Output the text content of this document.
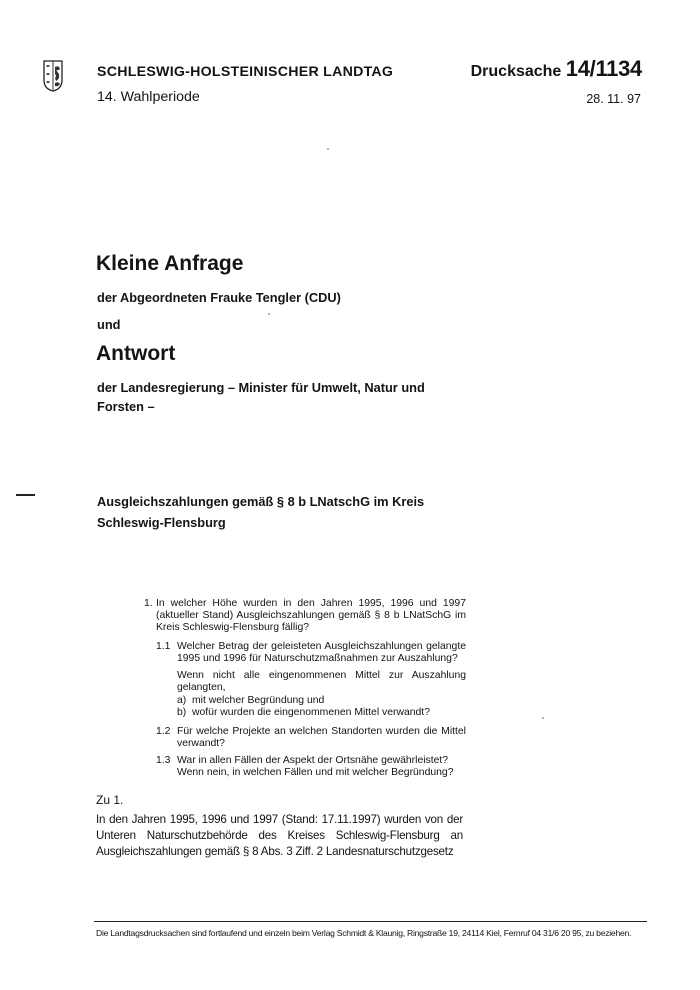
SCHLESWIG-HOLSTEINISCHER LANDTAG
14. Wahlperiode
Drucksache 14/1134
28. 11. 97
Kleine Anfrage
der Abgeordneten Frauke Tengler (CDU)
und
Antwort
der Landesregierung – Minister für Umwelt, Natur und
Forsten –
Ausgleichszahlungen gemäß § 8 b LNatschG im Kreis
Schleswig-Flensburg
1. In welcher Höhe wurden in den Jahren 1995, 1996 und 1997 (aktueller Stand) Ausgleichszahlungen gemäß § 8 b LNatSchG im Kreis Schleswig-Flensburg fällig?
1.1 Welcher Betrag der geleisteten Ausgleichszahlungen gelangte 1995 und 1996 für Naturschutzmaßnahmen zur Auszahlung?
Wenn nicht alle eingenommenen Mittel zur Auszahlung gelangten,
a)  mit welcher Begründung und
b)  wofür wurden die eingenommenen Mittel verwandt?
1.2 Für welche Projekte an welchen Standorten wurden die Mittel verwandt?
1.3 War in allen Fällen der Aspekt der Ortsnähe gewährleistet?
Wenn nein, in welchen Fällen und mit welcher Begründung?
Zu 1.
In den Jahren 1995, 1996 und 1997 (Stand: 17.11.1997) wurden von der Unteren Naturschutzbehörde des Kreises Schleswig-Flensburg an Ausgleichszahlungen gemäß § 8 Abs. 3 Ziff. 2 Landesnaturschutzgesetz
Die Landtagsdrucksachen sind fortlaufend und einzeln beim Verlag Schmidt & Klaunig, Ringstraße 19, 24114 Kiel, Fernruf 04 31/6 20 95, zu beziehen.
